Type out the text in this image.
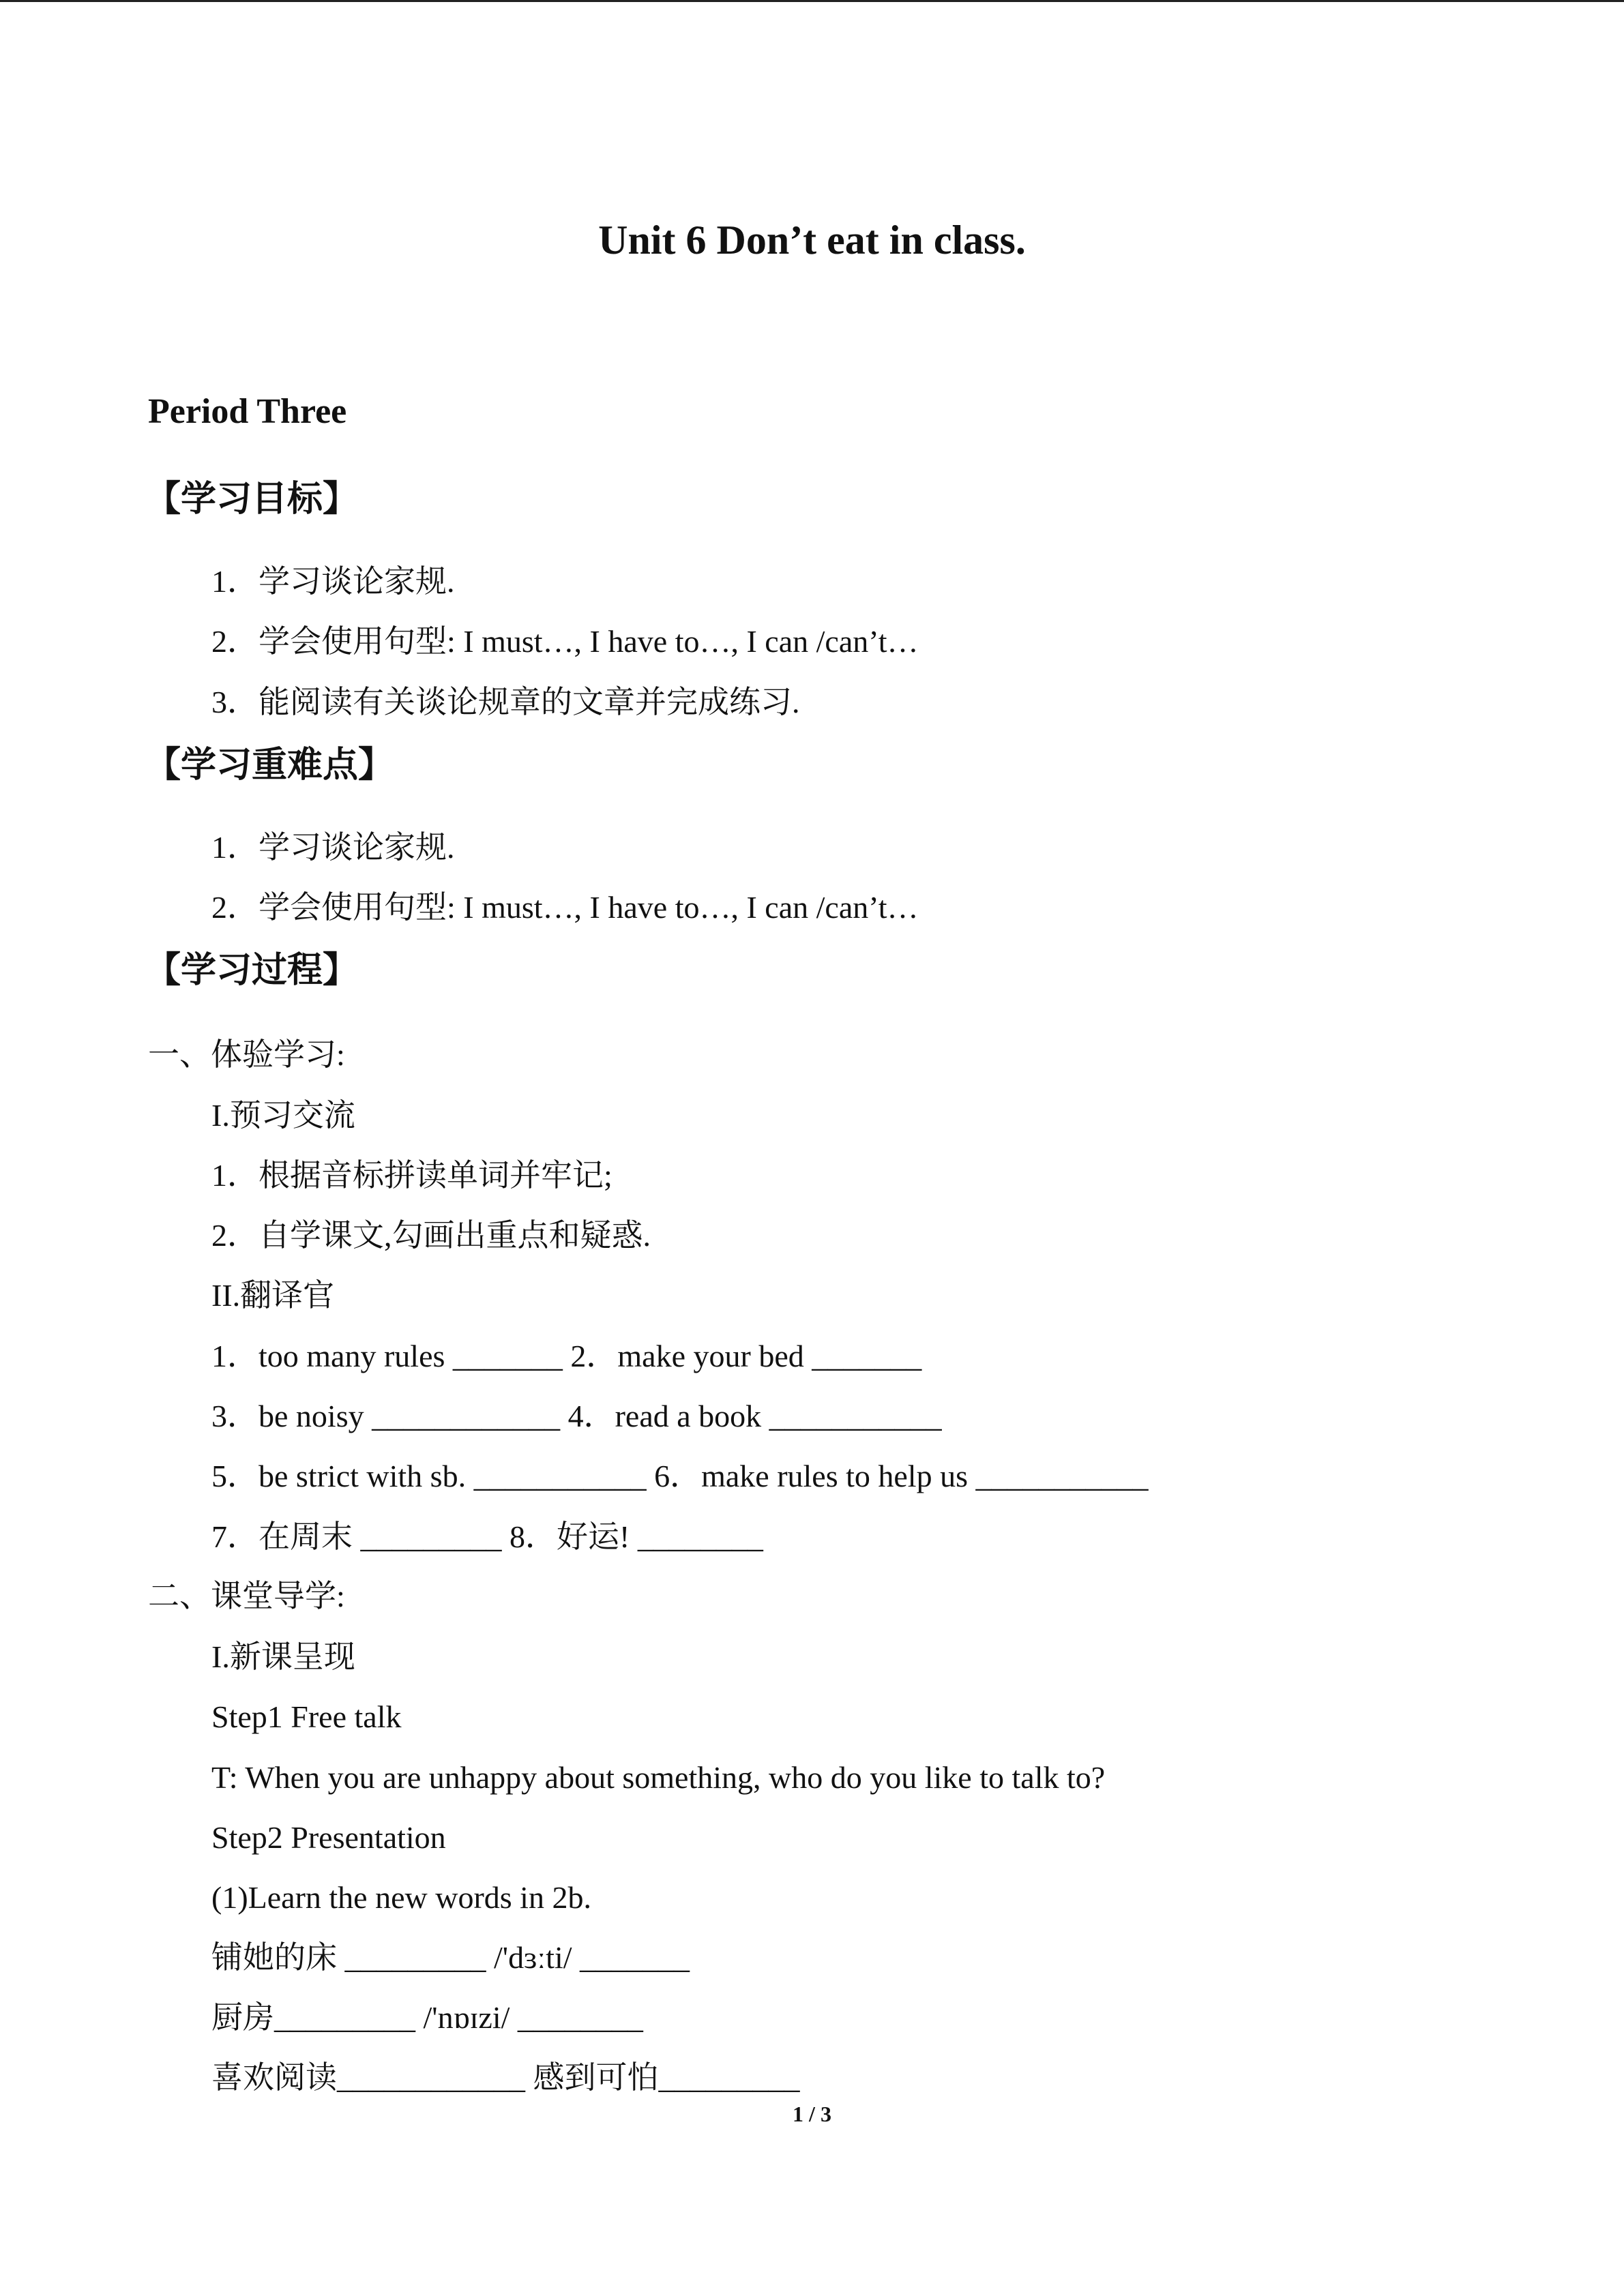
Unit 6 Don’t eat in class.
Period Three
【学习目标】
1．学习谈论家规.
2．学会使用句型: I must…, I have to…, I can /can’t…
3．能阅读有关谈论规章的文章并完成练习.
【学习重难点】
1．学习谈论家规.
2．学会使用句型: I must…, I have to…, I can /can’t…
【学习过程】
一、体验学习:
I.预习交流
1．根据音标拼读单词并牢记;
2．自学课文,勾画出重点和疑惑.
II.翻译官
1．too many rules _______ 2．make your bed _______
3．be noisy ____________ 4．read a book ___________
5．be strict with sb. ___________ 6．make rules to help us ___________
7．在周末 _________ 8．好运! ________
二、课堂导学:
I.新课呈现
Step1 Free talk
T: When you are unhappy about something, who do you like to talk to?
Step2 Presentation
(1)Learn the new words in 2b.
铺她的床 _________ /'dɜːti/ _______
厨房_________ /'nɒɪzi/ ________
喜欢阅读____________ 感到可怕_________
1 / 3
